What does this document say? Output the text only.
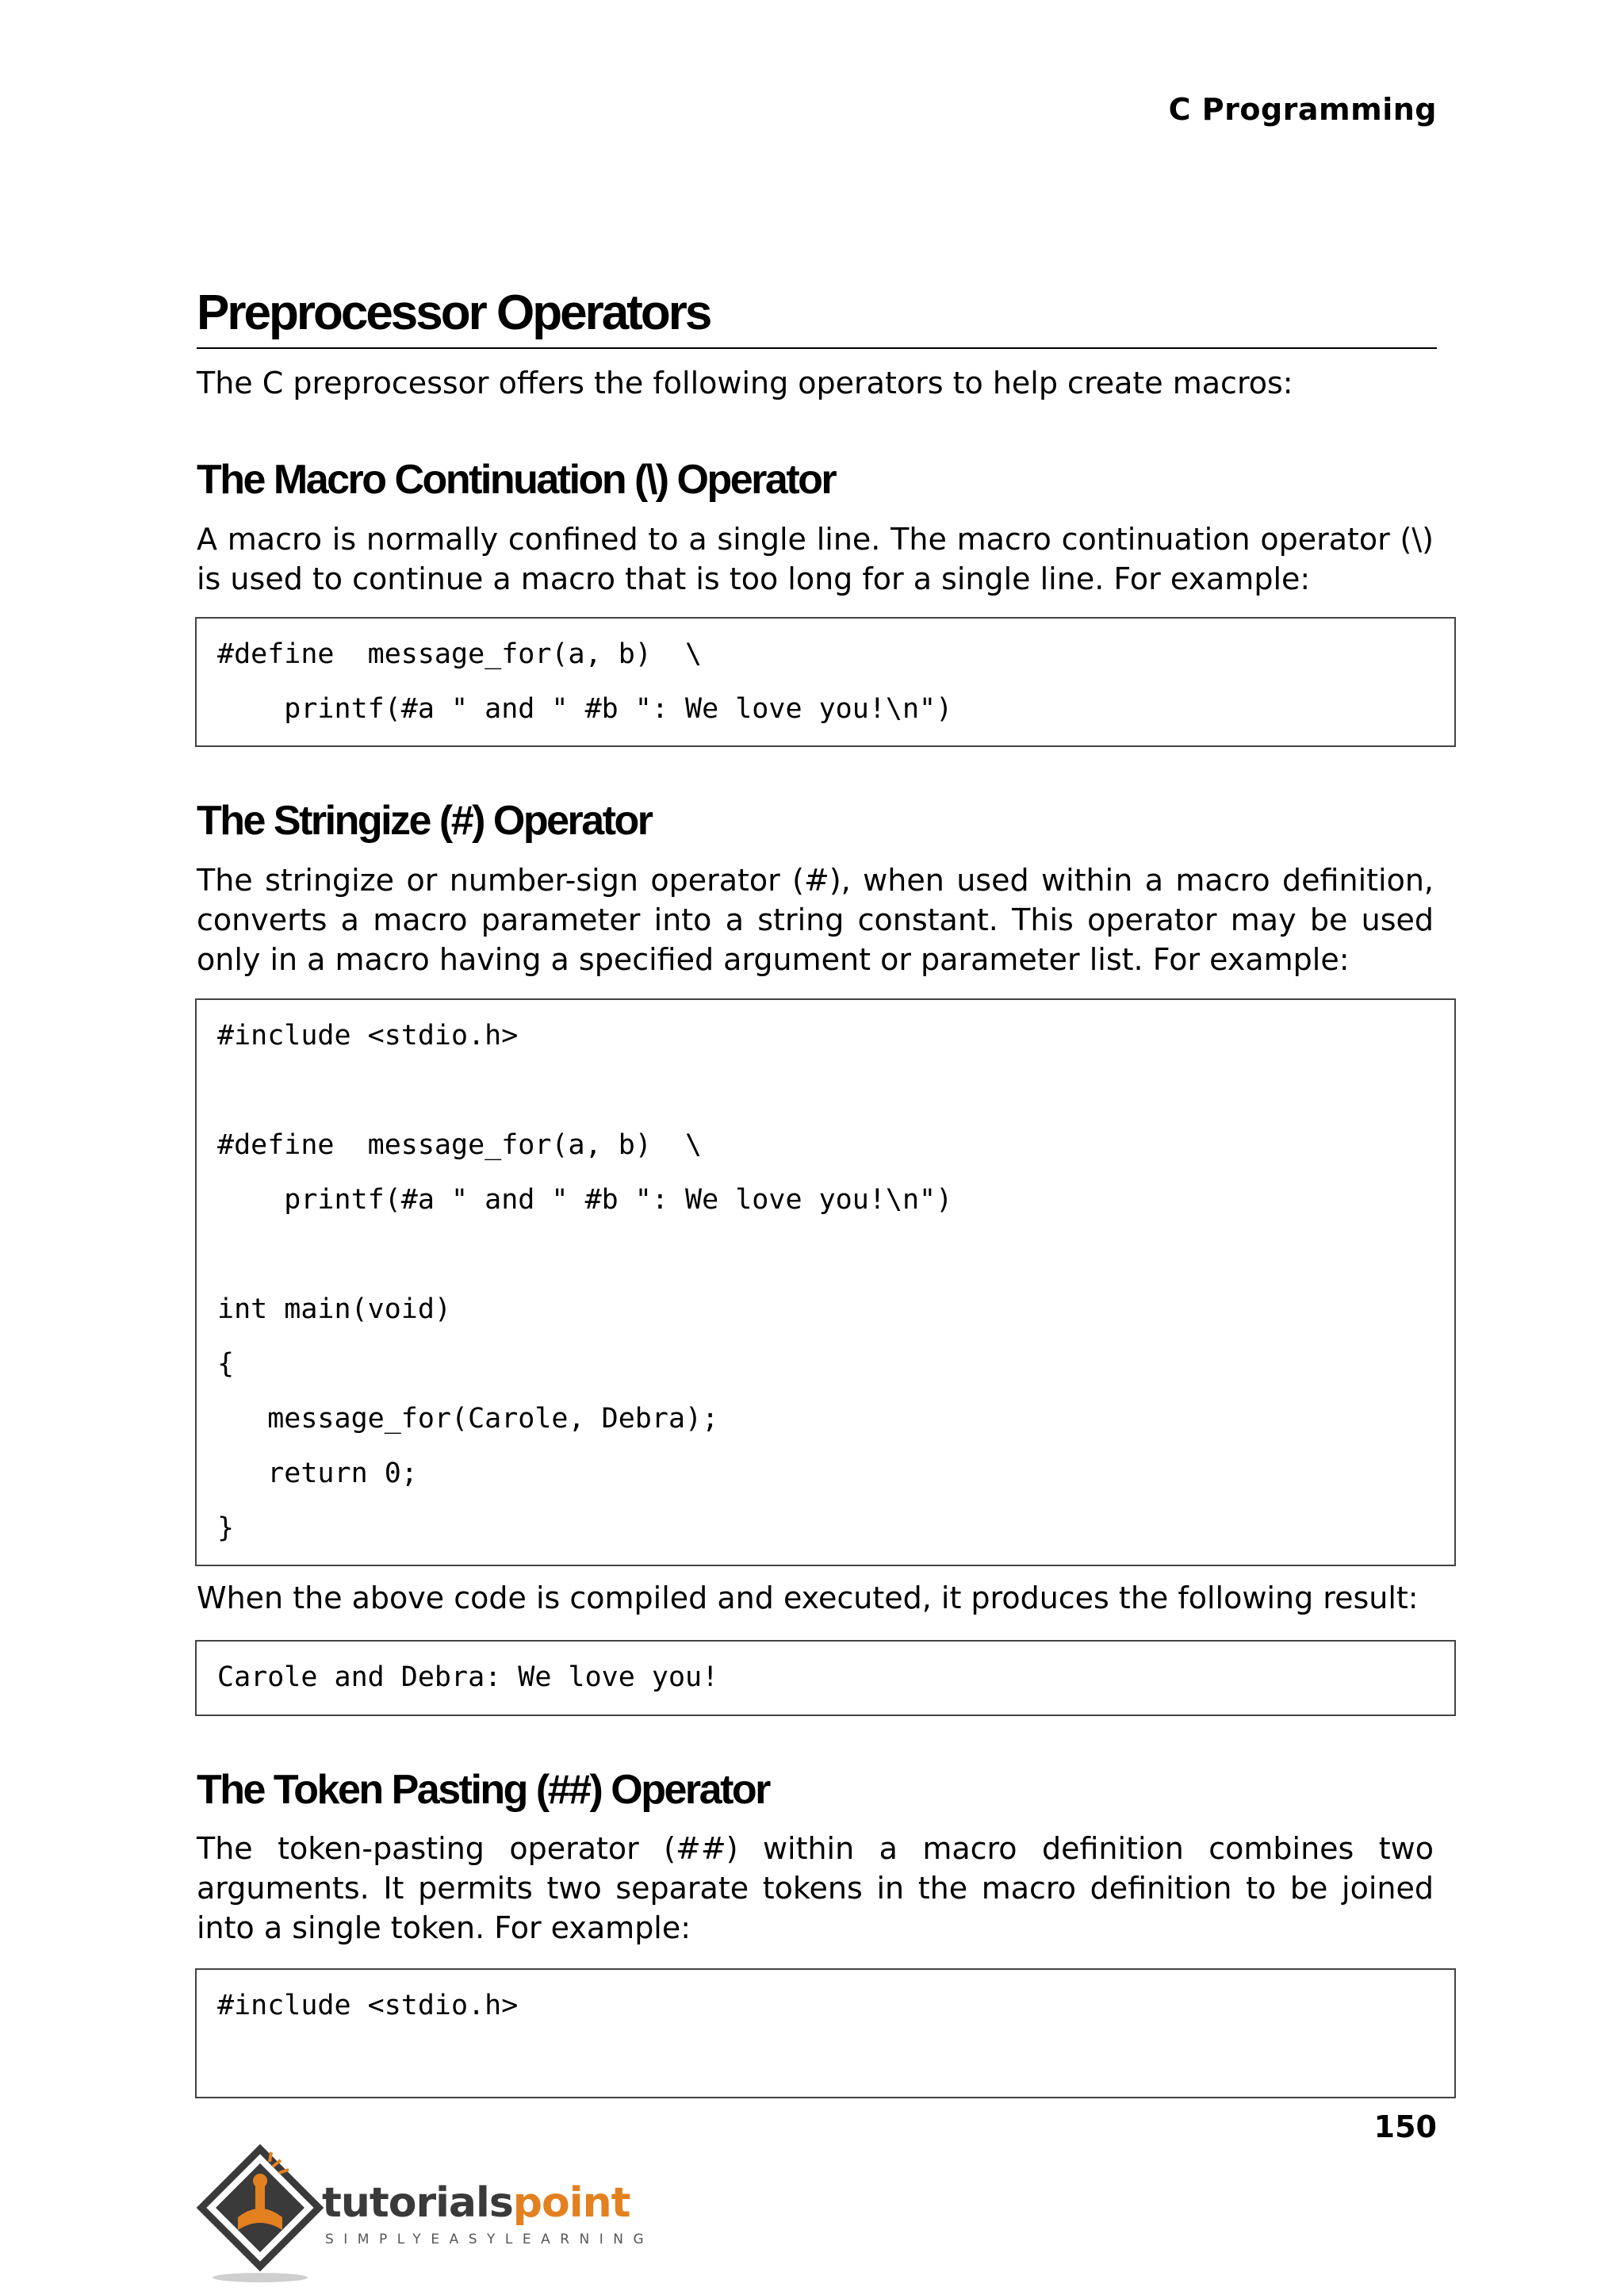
C Programming
Preprocessor Operators
The C preprocessor offers the following operators to help create macros:
The Macro Continuation (\) Operator
A macro is normally confined to a single line. The macro continuation operator (\) is used to continue a macro that is too long for a single line. For example:
#define  message_for(a, b)  \
printf(#a " and " #b ": We love you!\n")
The Stringize (#) Operator
The stringize or number-sign operator (#), when used within a macro definition, converts a macro parameter into a string constant. This operator may be used only in a macro having a specified argument or parameter list. For example:
#include <stdio.h>
#define  message_for(a, b)  \
printf(#a " and " #b ": We love you!\n")
int main(void)
{
message_for(Carole, Debra);
return 0;
}
When the above code is compiled and executed, it produces the following result:
Carole and Debra: We love you!
The Token Pasting (##) Operator
The token-pasting operator (##) within a macro definition combines two arguments. It permits two separate tokens in the macro definition to be joined into a single token. For example:
#include <stdio.h>
150
tutorialspoint
SIMPLYEASYLEARNING
